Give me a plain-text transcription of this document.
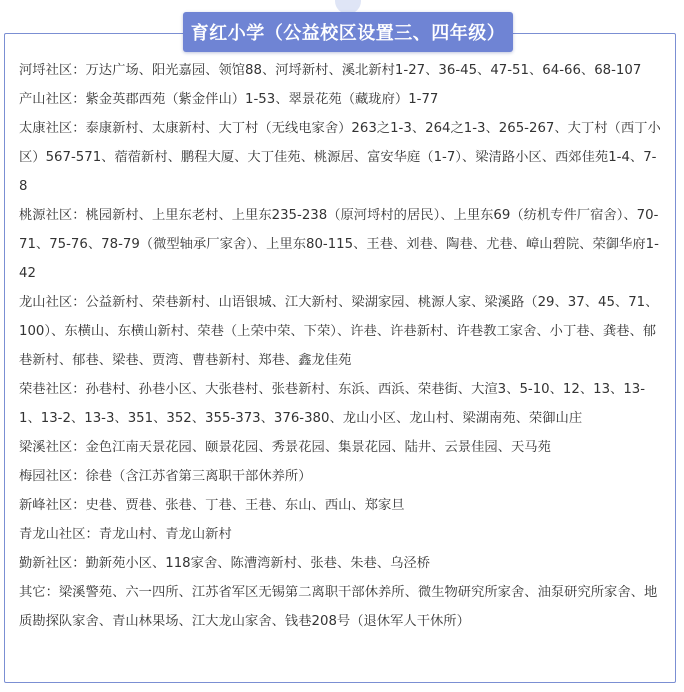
育红小学（公益校区设置三、四年级）

河埒社区：万达广场、阳光嘉园、领馆88、河埒新村、溪北新村1-27、36-45、47-51、64-66、68-107

产山社区：紫金英郡西苑（紫金伴山）1-53、翠景花苑（藏珑府）1-77

太康社区：泰康新村、太康新村、大丁村（无线电家舍）263之1-3、264之1-3、265-267、大丁村（西丁小区）567-571、蓿蓿新村、鹏程大厦、大丁佳苑、桃源居、富安华庭（1-7）、梁清路小区、西郊佳苑1-4、7-8

桃源社区：桃园新村、上里东老村、上里东235-238（原河埒村的居民）、上里东69（纺机专件厂宿舍）、70-71、75-76、78-79（微型轴承厂家舍）、上里东80-115、王巷、刘巷、陶巷、尤巷、嶂山碧院、荣御华府1-42

龙山社区：公益新村、荣巷新村、山语银城、江大新村、梁湖家园、桃源人家、梁溪路（29、37、45、71、100）、东横山、东横山新村、荣巷（上荣中荣、下荣）、许巷、许巷新村、许巷教工家舍、小丁巷、龚巷、郁巷新村、郁巷、梁巷、贾湾、曹巷新村、郑巷、鑫龙佳苑

荣巷社区：孙巷村、孙巷小区、大张巷村、张巷新村、东浜、西浜、荣巷街、大渲3、5-10、12、13、13-1、13-2、13-3、351、352、355-373、376-380、龙山小区、龙山村、梁湖南苑、荣御山庄

梁溪社区：金色江南天景花园、颐景花园、秀景花园、集景花园、陆井、云景佳园、天马苑

梅园社区：徐巷（含江苏省第三离职干部休养所）

新峰社区：史巷、贾巷、张巷、丁巷、王巷、东山、西山、郑家旦

青龙山社区：青龙山村、青龙山新村

勤新社区：勤新苑小区、118家舍、陈漕湾新村、张巷、朱巷、乌泾桥

其它：梁溪警苑、六一四所、江苏省军区无锡第二离职干部休养所、微生物研究所家舍、油泵研究所家舍、地质勘探队家舍、青山林果场、江大龙山家舍、钱巷208号（退休军人干休所）
